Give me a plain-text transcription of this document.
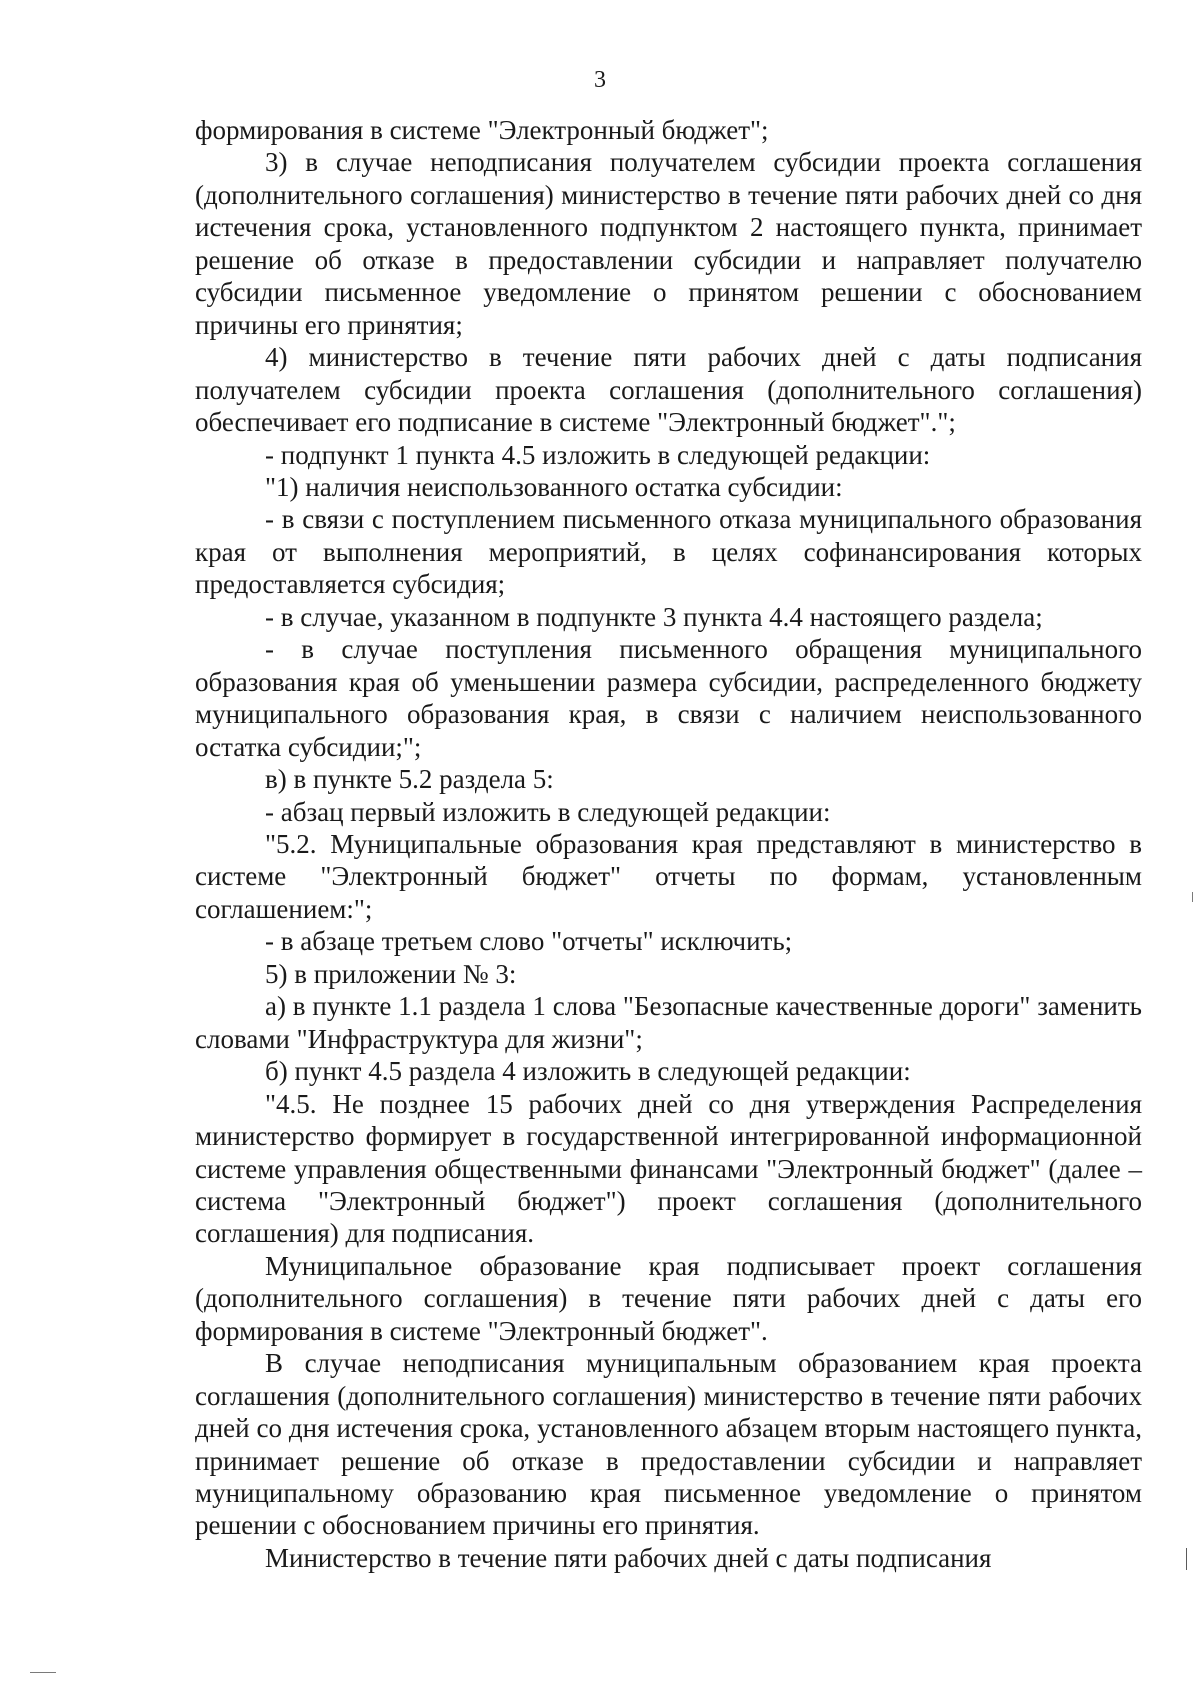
3

формирования в системе "Электронный бюджет";

3) в случае неподписания получателем субсидии проекта соглашения (дополнительного соглашения) министерство в течение пяти рабочих дней со дня истечения срока, установленного подпунктом 2 настоящего пункта, принимает решение об отказе в предоставлении субсидии и направляет получателю субсидии письменное уведомление о принятом решении с обоснованием причины его принятия;

4) министерство в течение пяти рабочих дней с даты подписания получателем субсидии проекта соглашения (дополнительного соглашения) обеспечивает его подписание в системе "Электронный бюджет".";

- подпункт 1 пункта 4.5 изложить в следующей редакции:

"1) наличия неиспользованного остатка субсидии:

- в связи с поступлением письменного отказа муниципального образования края от выполнения мероприятий, в целях софинансирования которых предоставляется субсидия;

- в случае, указанном в подпункте 3 пункта 4.4 настоящего раздела;

- в случае поступления письменного обращения муниципального образования края об уменьшении размера субсидии, распределенного бюджету муниципального образования края, в связи с наличием неиспользованного остатка субсидии;";

в) в пункте 5.2 раздела 5:

- абзац первый изложить в следующей редакции:

"5.2. Муниципальные образования края представляют в министерство в системе "Электронный бюджет" отчеты по формам, установленным соглашением:";

- в абзаце третьем слово "отчеты" исключить;

5) в приложении № 3:

а) в пункте 1.1 раздела 1 слова "Безопасные качественные дороги" заменить словами "Инфраструктура для жизни";

б) пункт 4.5 раздела 4 изложить в следующей редакции:

"4.5. Не позднее 15 рабочих дней со дня утверждения Распределения министерство формирует в государственной интегрированной информационной системе управления общественными финансами "Электронный бюджет" (далее – система "Электронный бюджет") проект соглашения (дополнительного соглашения) для подписания.

Муниципальное образование края подписывает проект соглашения (дополнительного соглашения) в течение пяти рабочих дней с даты его формирования в системе "Электронный бюджет".

В случае неподписания муниципальным образованием края проекта соглашения (дополнительного соглашения) министерство в течение пяти рабочих дней со дня истечения срока, установленного абзацем вторым настоящего пункта, принимает решение об отказе в предоставлении субсидии и направляет муниципальному образованию края письменное уведомление о принятом решении с обоснованием причины его принятия.

Министерство в течение пяти рабочих дней с даты подписания
